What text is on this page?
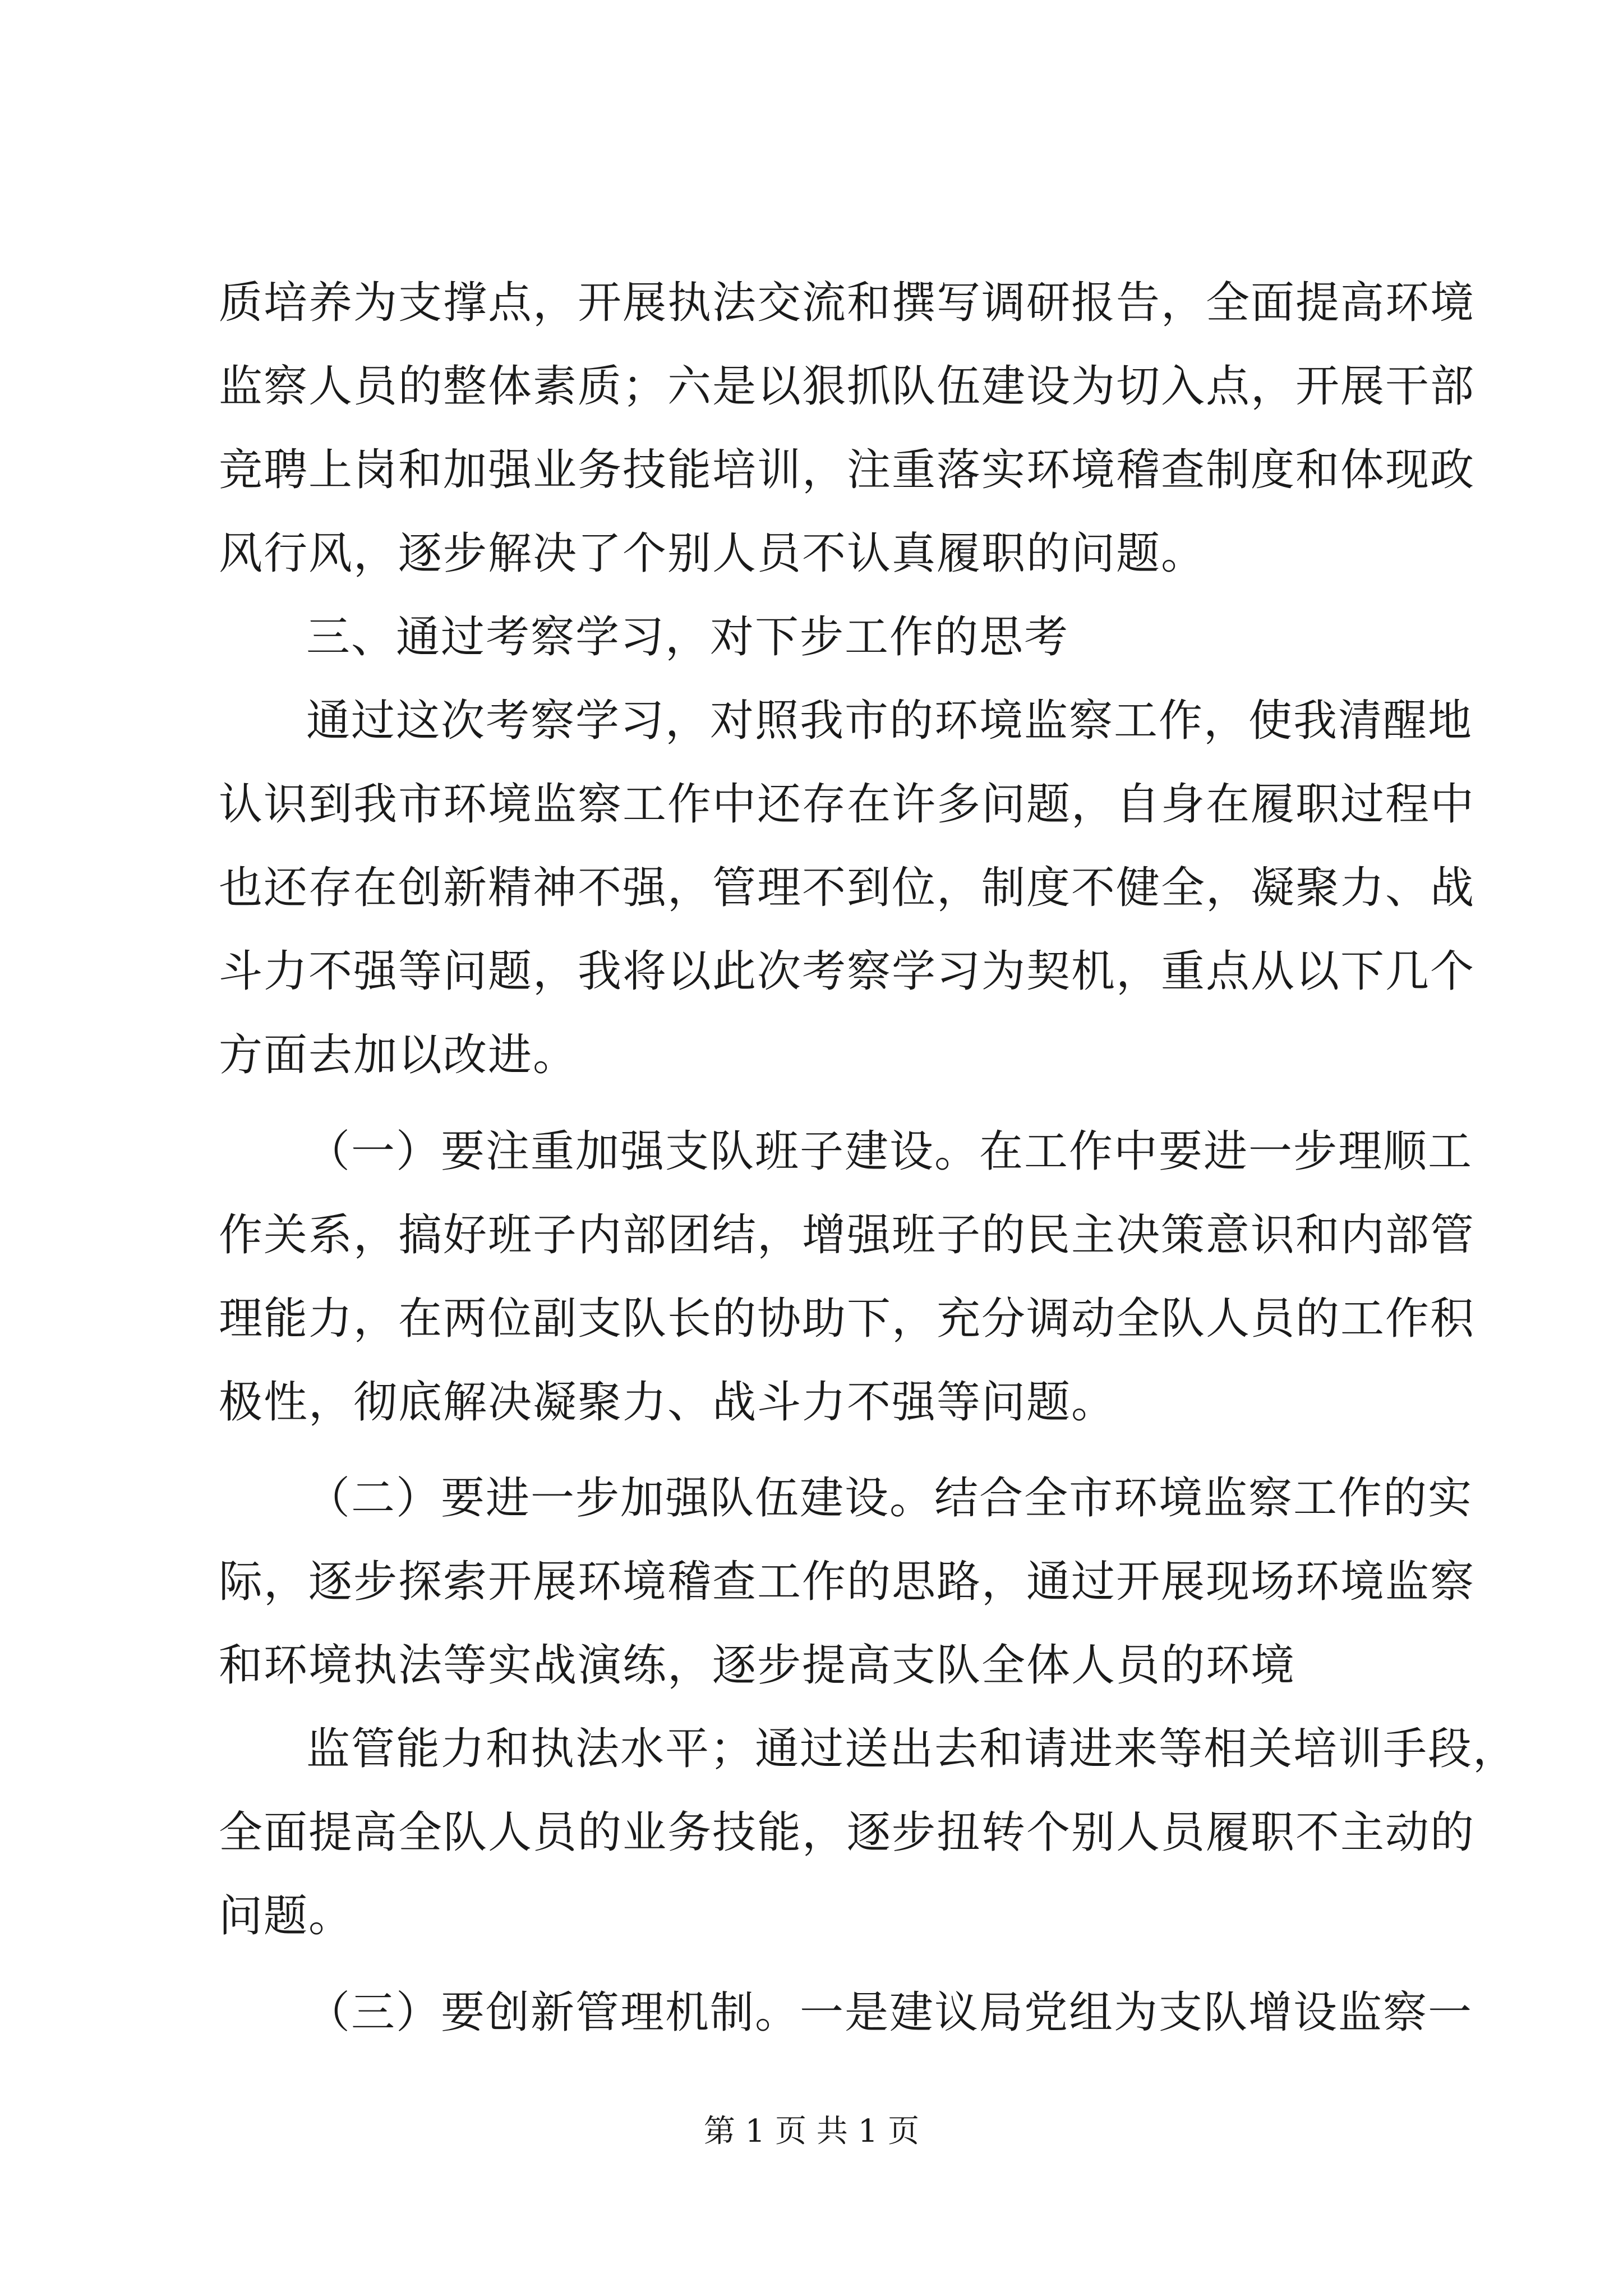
质培养为支撑点，开展执法交流和撰写调研报告，全面提高环境
监察人员的整体素质；六是以狠抓队伍建设为切入点，开展干部
竞聘上岗和加强业务技能培训，注重落实环境稽查制度和体现政
风行风，逐步解决了个别人员不认真履职的问题。
三、通过考察学习，对下步工作的思考
通过这次考察学习，对照我市的环境监察工作，使我清醒地
认识到我市环境监察工作中还存在许多问题，自身在履职过程中
也还存在创新精神不强，管理不到位，制度不健全，凝聚力、战
斗力不强等问题，我将以此次考察学习为契机，重点从以下几个
方面去加以改进。
（一）要注重加强支队班子建设。在工作中要进一步理顺工
作关系，搞好班子内部团结，增强班子的民主决策意识和内部管
理能力，在两位副支队长的协助下，充分调动全队人员的工作积
极性，彻底解决凝聚力、战斗力不强等问题。
（二）要进一步加强队伍建设。结合全市环境监察工作的实
际，逐步探索开展环境稽查工作的思路，通过开展现场环境监察
和环境执法等实战演练，逐步提高支队全体人员的环境
监管能力和执法水平；通过送出去和请进来等相关培训手段，
全面提高全队人员的业务技能，逐步扭转个别人员履职不主动的
问题。
（三）要创新管理机制。一是建议局党组为支队增设监察一
第 1 页 共 1 页
